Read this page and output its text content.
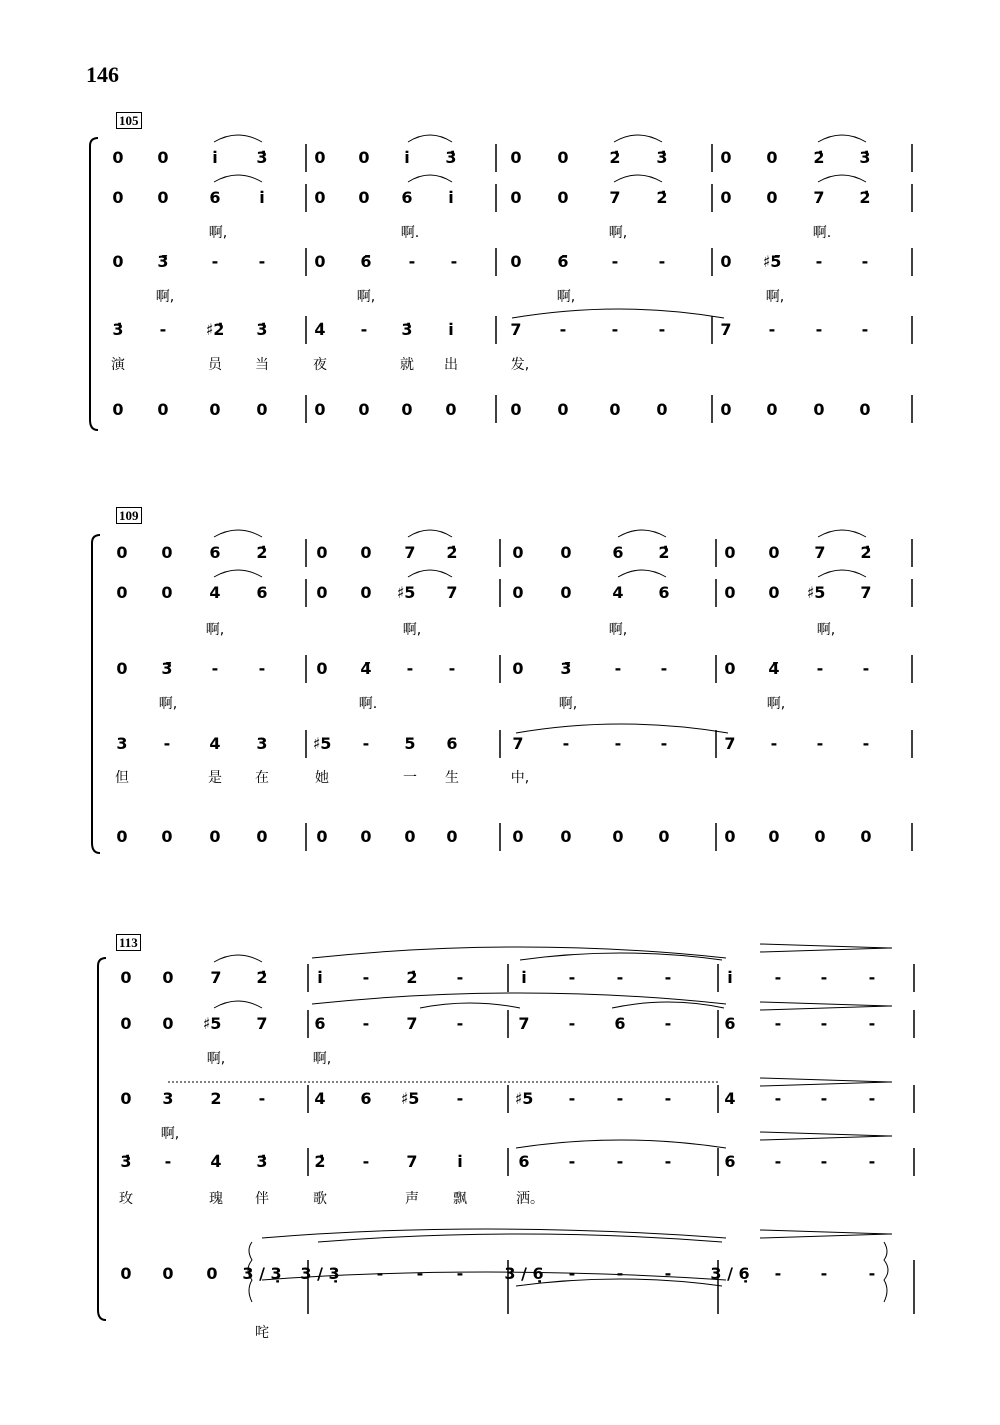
146
105
0 0	i̇ 3̇	0 0 i̇ 3̇	0 0	2̇ 3̇	0 0 2̇ 3̇
0 0	6 i̇	0 0 6 i̇	0 0	7 2̇	0 0 7 2̇
啊,	啊.	啊,	啊.
0 3̄	-	-	0 6̄ - -	0 6̄	-	-	0 ♯5̄ - -
啊,	啊,	啊,	啊,
3̇ - ♯2̇ 3̇	4̇ - 3̇ i̇	7 -	-	-	7 -	- -
演	员 当	夜	就 出	发,
0 0	0 0	0 0 0 0	0 0	0 0	0 0 0 0
109
0 0 6 2̇	0 0 7 2̇	0 0	6 2̇	0 0 7 2̇
0 0 4 6	0 0 ♯5 7	0 0	4 6	0 0 ♯5 7
啊,	啊,	啊,	啊,
0 3̄ -	-	0 4̄ - -	0 3̄	- -	0 4̄ - -
啊,	啊.	啊,	啊,
3 - 4 3	♯5 - 5 6	7 -	- -	7 - - -
但	是 在	她	一 生	中,
0 0 0 0	0 0 0 0	0 0	0 0	0 0 0 0
113
0 0 7 2̇	i̇ - 2̇ -	i̇	-	-	-	i̇	- -	-
0 0 ♯5 7	6 - 7 -	7 - 6 -	6 - -	-
啊,	啊,
0 3 2 -	4 6 ♯5 -	♯5 -	-	-	4 - -	-
啊,
3̇ - 4̇ 3̇	2̇ - 7 i̇	6 -	-	-	6 - -	-
玫	瑰 伴	歌	声 飘	洒。
0 0 0 3 / 3̣ 3 / 3̣ - - -	3 / 6̣ -	-	- 3 / 6̣ - -	-
咤
